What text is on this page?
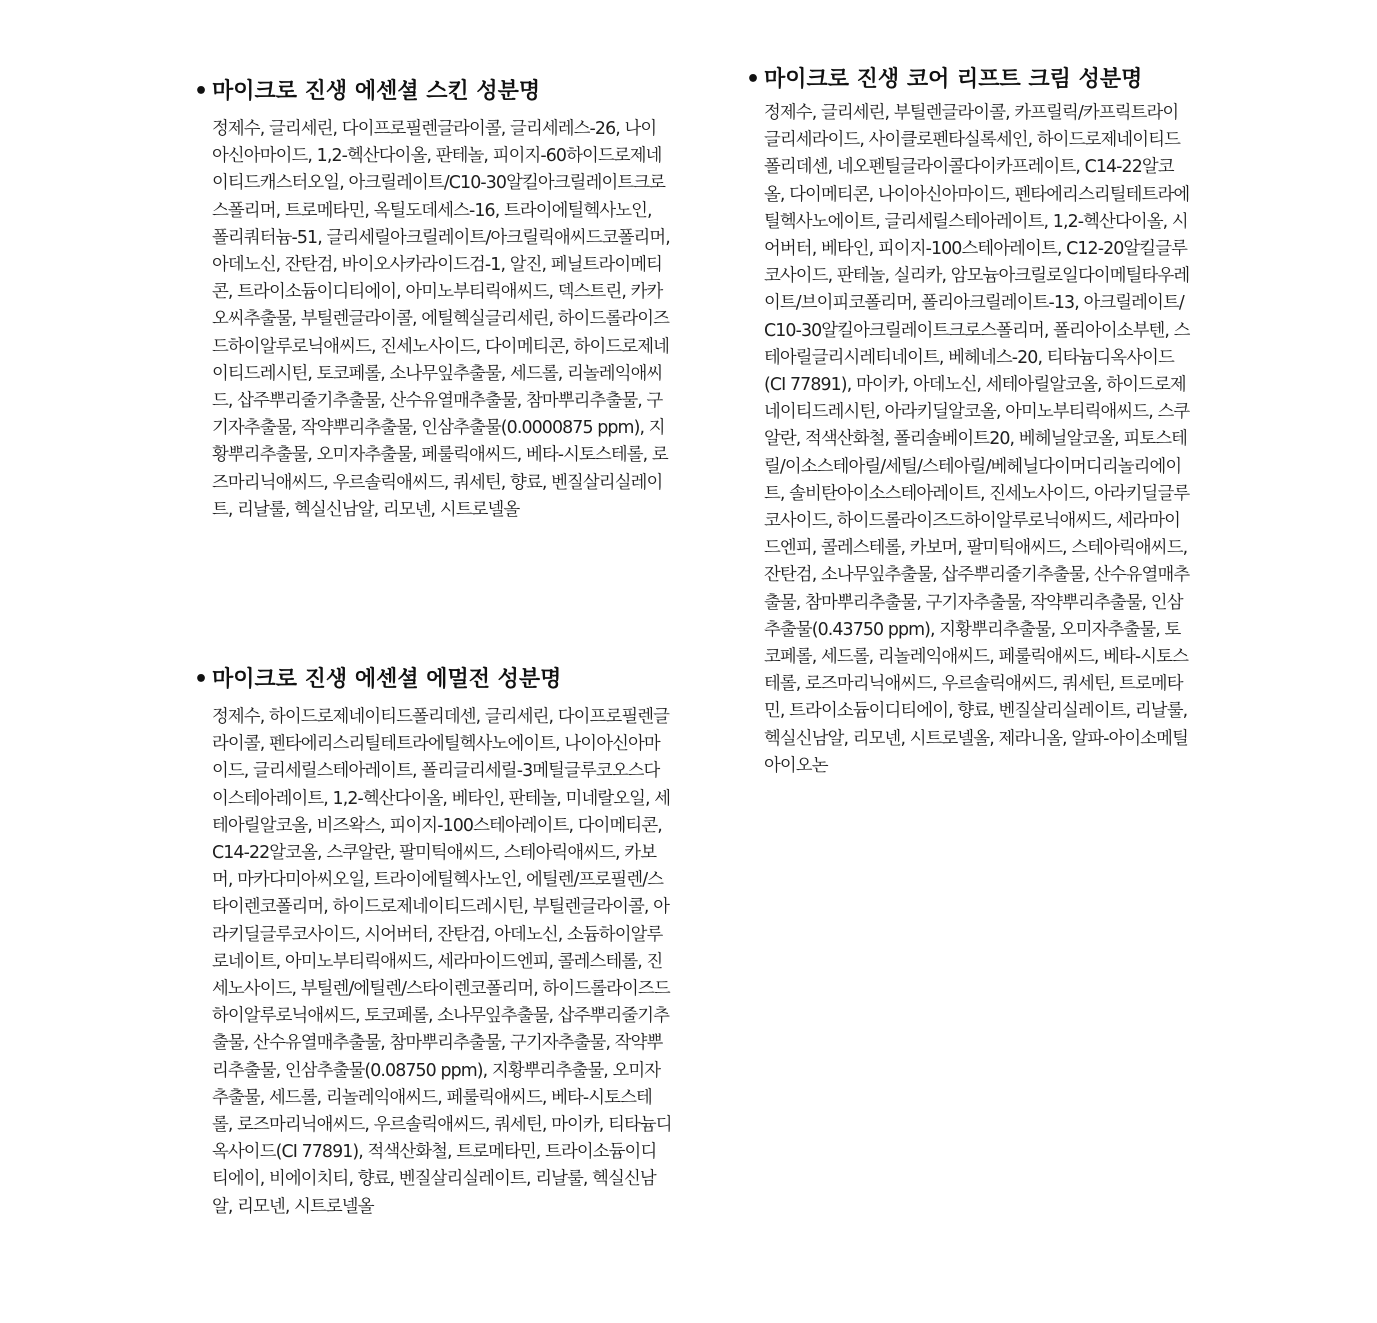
• 마이크로 진생 에센셜 스킨 성분명

정제수, 글리세린, 다이프로필렌글라이콜, 글리세레스-26, 나이아신아마이드, 1,2-헥산다이올, 판테놀, 피이지-60하이드로제네이티드캐스터오일, 아크릴레이트/C10-30알킬아크릴레이트크로스폴리머, 트로메타민, 옥틸도데세스-16, 트라이에틸헥사노인, 폴리쿼터늄-51, 글리세릴아크릴레이트/아크릴릭애씨드코폴리머, 아데노신, 잔탄검, 바이오사카라이드검-1, 알진, 페닐트라이메티콘, 트라이소듐이디티에이, 아미노부티릭애씨드, 덱스트린, 카카오씨추출물, 부틸렌글라이콜, 에틸헥실글리세린, 하이드롤라이즈드하이알루로닉애씨드, 진세노사이드, 다이메티콘, 하이드로제네이티드레시틴, 토코페롤, 소나무잎추출물, 세드롤, 리놀레익애씨드, 삽주뿌리줄기추출물, 산수유열매추출물, 참마뿌리추출물, 구기자추출물, 작약뿌리추출물, 인삼추출물(0.0000875 ppm), 지황뿌리추출물, 오미자추출물, 페룰릭애씨드, 베타-시토스테롤, 로즈마리닉애씨드, 우르솔릭애씨드, 쿼세틴, 향료, 벤질살리실레이트, 리날룰, 헥실신남알, 리모넨, 시트로넬올

• 마이크로 진생 에센셜 에멀전 성분명

정제수, 하이드로제네이티드폴리데센, 글리세린, 다이프로필렌글라이콜, 펜타에리스리틸테트라에틸헥사노에이트, 나이아신아마이드, 글리세릴스테아레이트, 폴리글리세릴-3메틸글루코오스다이스테아레이트, 1,2-헥산다이올, 베타인, 판테놀, 미네랄오일, 세테아릴알코올, 비즈왁스, 피이지-100스테아레이트, 다이메티콘, C14-22알코올, 스쿠알란, 팔미틱애씨드, 스테아릭애씨드, 카보머, 마카다미아씨오일, 트라이에틸헥사노인, 에틸렌/프로필렌/스타이렌코폴리머, 하이드로제네이티드레시틴, 부틸렌글라이콜, 아라키딜글루코사이드, 시어버터, 잔탄검, 아데노신, 소듐하이알루로네이트, 아미노부티릭애씨드, 세라마이드엔피, 콜레스테롤, 진세노사이드, 부틸렌/에틸렌/스타이렌코폴리머, 하이드롤라이즈드하이알루로닉애씨드, 토코페롤, 소나무잎추출물, 삽주뿌리줄기추출물, 산수유열매추출물, 참마뿌리추출물, 구기자추출물, 작약뿌리추출물, 인삼추출물(0.08750 ppm), 지황뿌리추출물, 오미자추출물, 세드롤, 리놀레익애씨드, 페룰릭애씨드, 베타-시토스테롤, 로즈마리닉애씨드, 우르솔릭애씨드, 쿼세틴, 마이카, 티타늄디옥사이드(CI 77891), 적색산화철, 트로메타민, 트라이소듐이디티에이, 비에이치티, 향료, 벤질살리실레이트, 리날룰, 헥실신남알, 리모넨, 시트로넬올

• 마이크로 진생 코어 리프트 크림 성분명

정제수, 글리세린, 부틸렌글라이콜, 카프릴릭/카프릭트라이글리세라이드, 사이클로펜타실록세인, 하이드로제네이티드폴리데센, 네오펜틸글라이콜다이카프레이트, C14-22알코올, 다이메티콘, 나이아신아마이드, 펜타에리스리틸테트라에틸헥사노에이트, 글리세릴스테아레이트, 1,2-헥산다이올, 시어버터, 베타인, 피이지-100스테아레이트, C12-20알킬글루코사이드, 판테놀, 실리카, 암모늄아크릴로일다이메틸타우레이트/브이피코폴리머, 폴리아크릴레이트-13, 아크릴레이트/C10-30알킬아크릴레이트크로스폴리머, 폴리아이소부텐, 스테아릴글리시레티네이트, 베헤네스-20, 티타늄디옥사이드(CI 77891), 마이카, 아데노신, 세테아릴알코올, 하이드로제네이티드레시틴, 아라키딜알코올, 아미노부티릭애씨드, 스쿠알란, 적색산화철, 폴리솔베이트20, 베헤닐알코올, 피토스테릴/이소스테아릴/세틸/스테아릴/베헤닐다이머디리놀리에이트, 솔비탄아이소스테아레이트, 진세노사이드, 아라키딜글루코사이드, 하이드롤라이즈드하이알루로닉애씨드, 세라마이드엔피, 콜레스테롤, 카보머, 팔미틱애씨드, 스테아릭애씨드, 잔탄검, 소나무잎추출물, 삽주뿌리줄기추출물, 산수유열매추출물, 참마뿌리추출물, 구기자추출물, 작약뿌리추출물, 인삼추출물(0.43750 ppm), 지황뿌리추출물, 오미자추출물, 토코페롤, 세드롤, 리놀레익애씨드, 페룰릭애씨드, 베타-시토스테롤, 로즈마리닉애씨드, 우르솔릭애씨드, 쿼세틴, 트로메타민, 트라이소듐이디티에이, 향료, 벤질살리실레이트, 리날룰, 헥실신남알, 리모넨, 시트로넬올, 제라니올, 알파-아이소메틸아이오논
